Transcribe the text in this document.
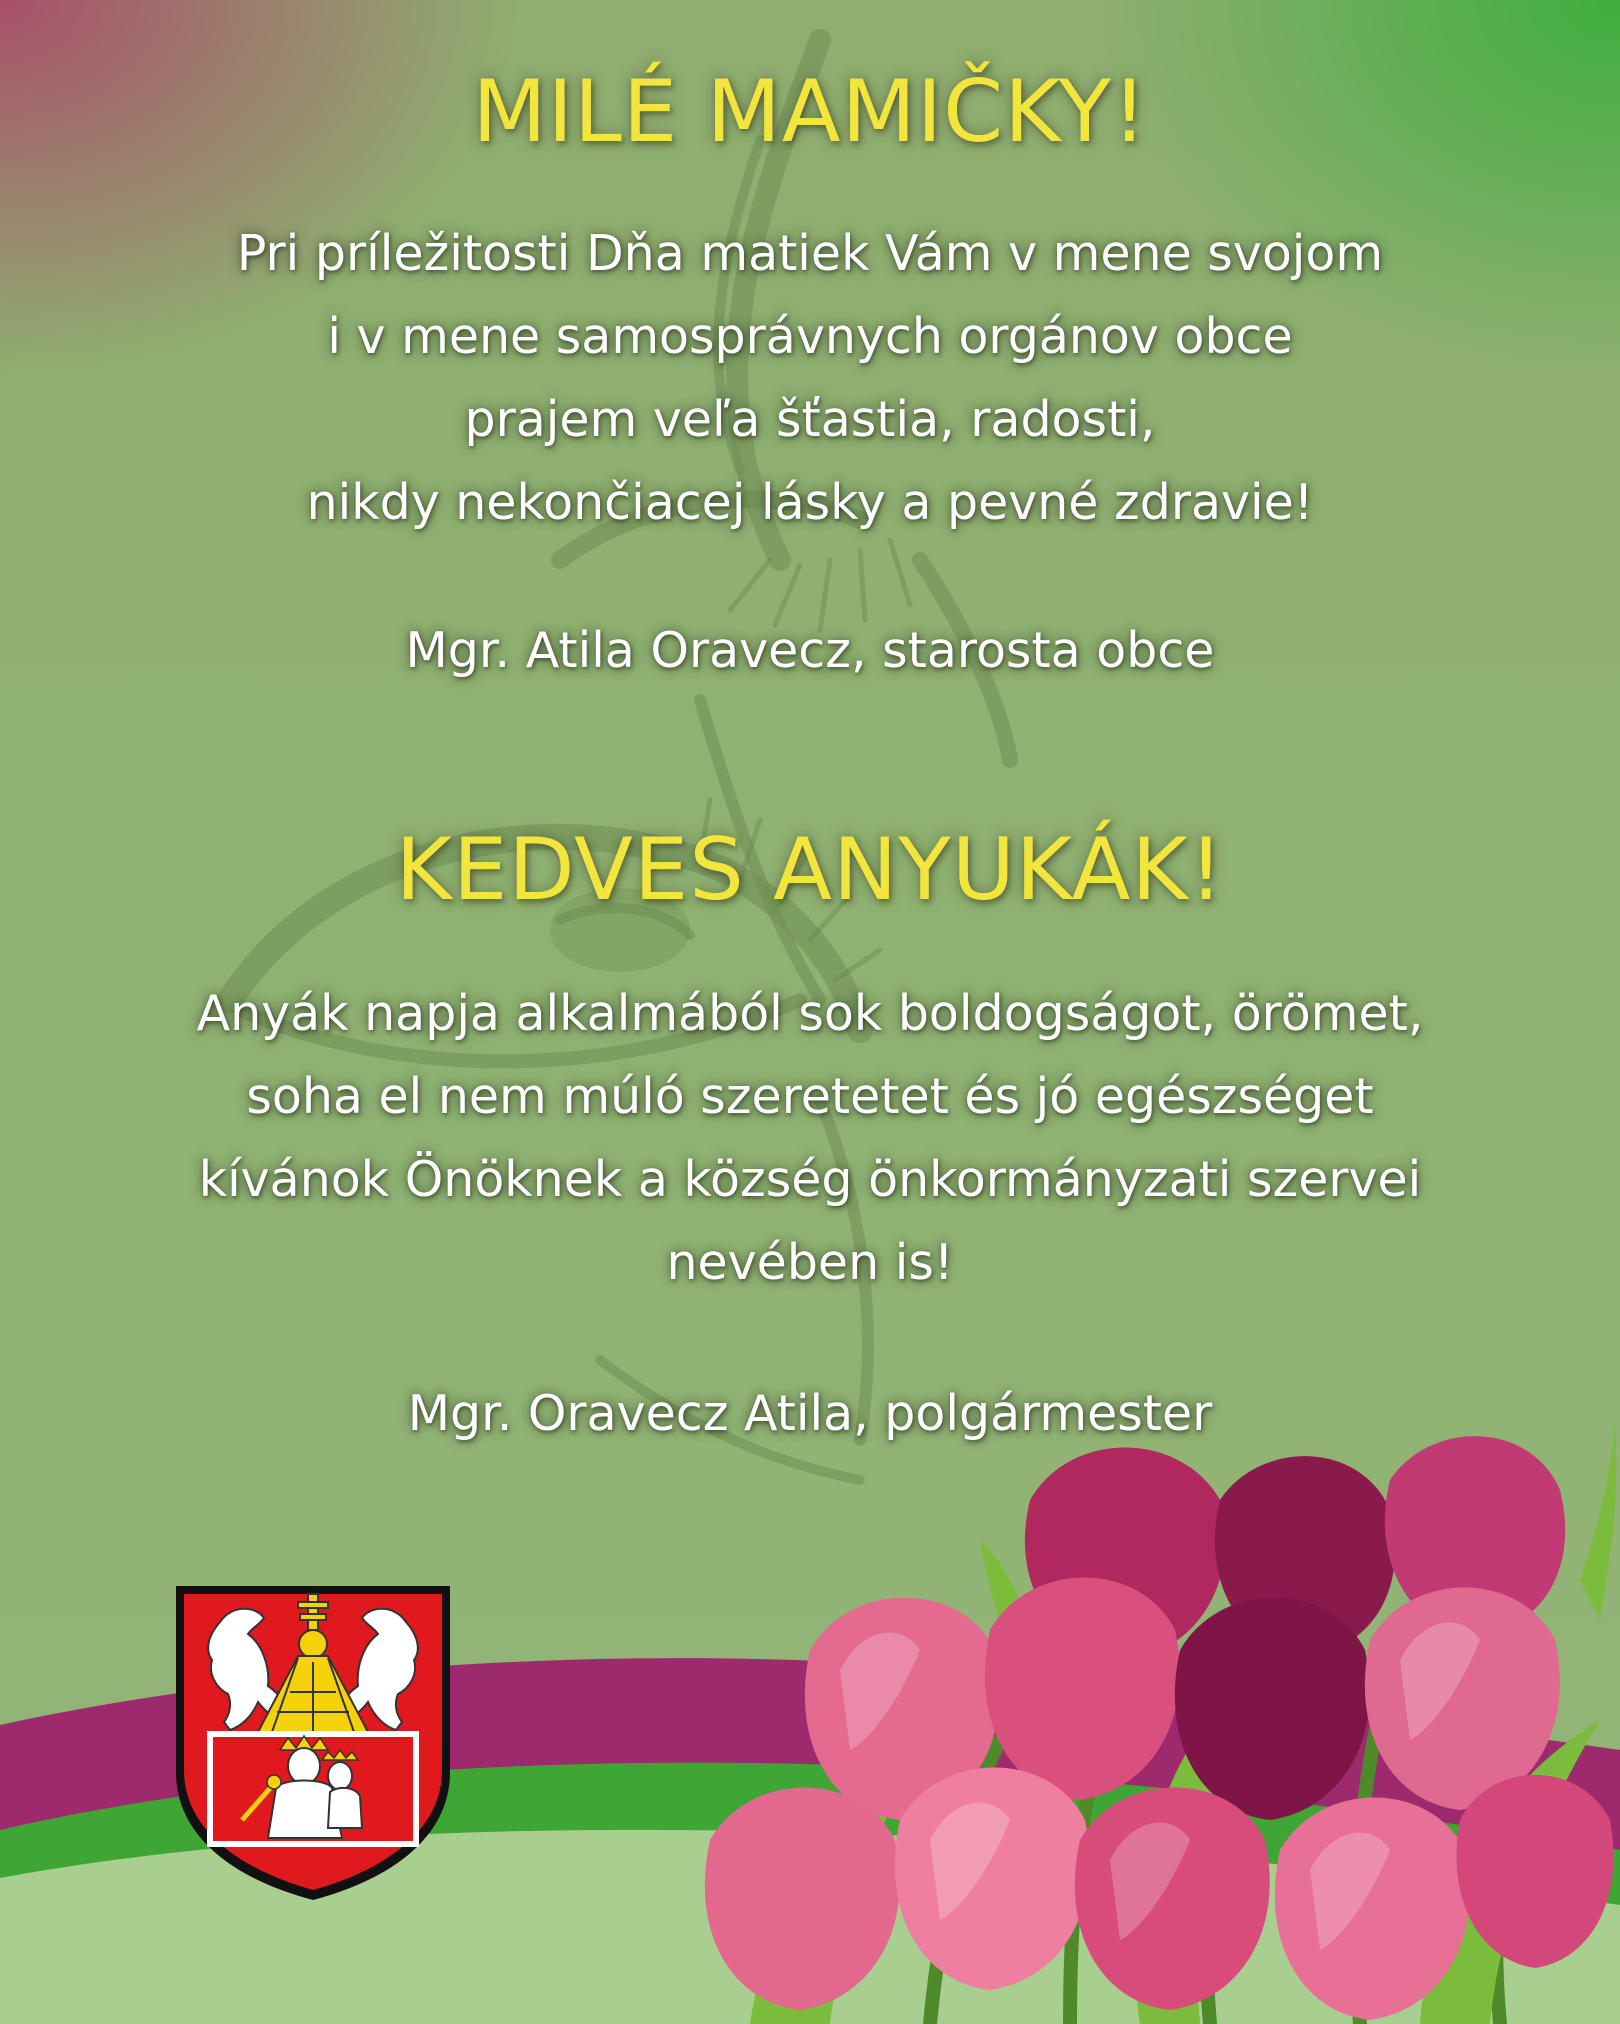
MILÉ MAMIČKY!
Pri príležitosti Dňa matiek Vám v mene svojom
i v mene samosprávnych orgánov obce
prajem veľa šťastia, radosti,
nikdy nekončiacej lásky a pevné zdravie!
Mgr. Atila Oravecz, starosta obce
KEDVES ANYUKÁK!
Anyák napja alkalmából sok boldogságot, örömet,
soha el nem múló szeretetet és jó egészséget
kívánok Önöknek a község önkormányzati szervei
nevében is!
Mgr. Oravecz Atila, polgármester
